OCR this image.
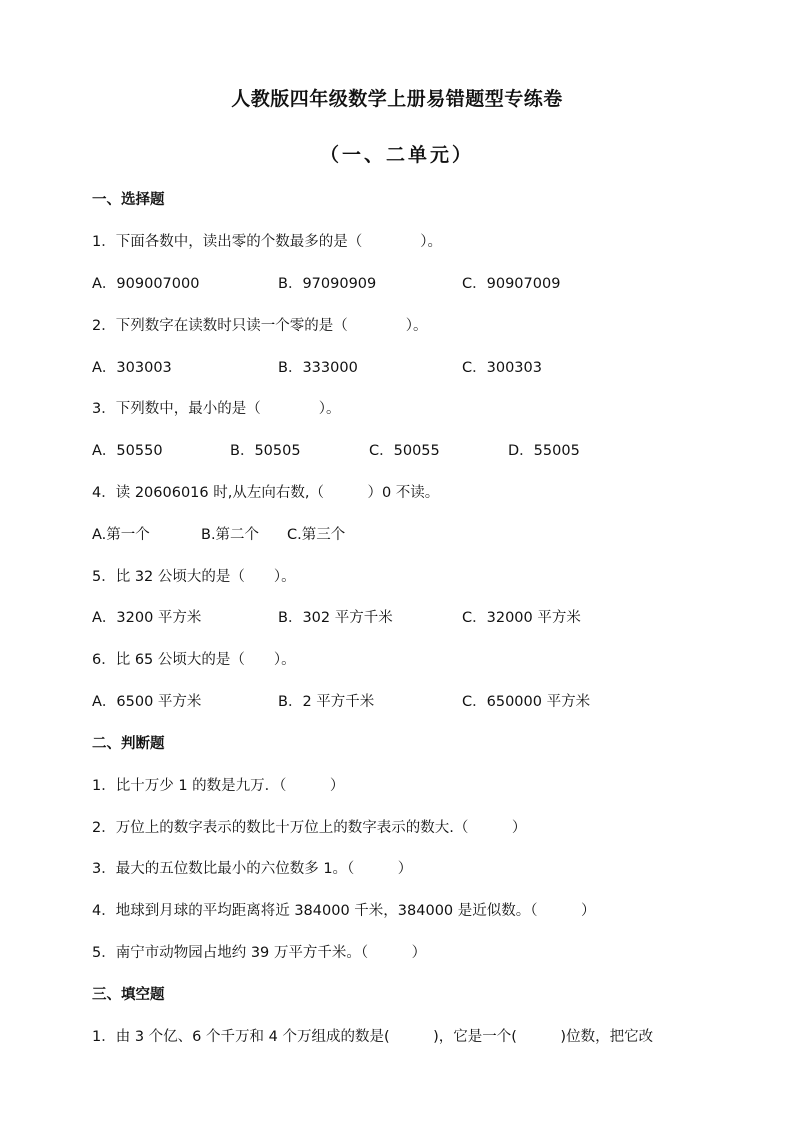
人教版四年级数学上册易错题型专练卷
（一、二单元）
一、选择题
1．下面各数中，读出零的个数最多的是（　　　　）。
A．909007000	B．97090909	C．90907009
2．下列数字在读数时只读一个零的是（　　　　）。
A．303003	B．333000	C．300303
3．下列数中，最小的是（　　　　）。
A．50550	B．50505	C．50055	D．55005
4．读 20606016 时,从左向右数,（　　　）0 不读。
A.第一个	B.第二个 C.第三个
5．比 32 公顷大的是（　　）。
A．3200 平方米	B．302 平方千米	C．32000 平方米
6．比 65 公顷大的是（　　）。
A．6500 平方米	B．2 平方千米	C．650000 平方米
二、判断题
1．比十万少 1 的数是九万．（　　　）
2．万位上的数字表示的数比十万位上的数字表示的数大.（　　　）
3．最大的五位数比最小的六位数多 1。（　　　）
4．地球到月球的平均距离将近 384000 千米，384000 是近似数。（　　　）
5．南宁市动物园占地约 39 万平方千米。（　　　）
三、填空题
1．由 3 个亿、6 个千万和 4 个万组成的数是(　　　)，它是一个(　　　)位数，把它改
